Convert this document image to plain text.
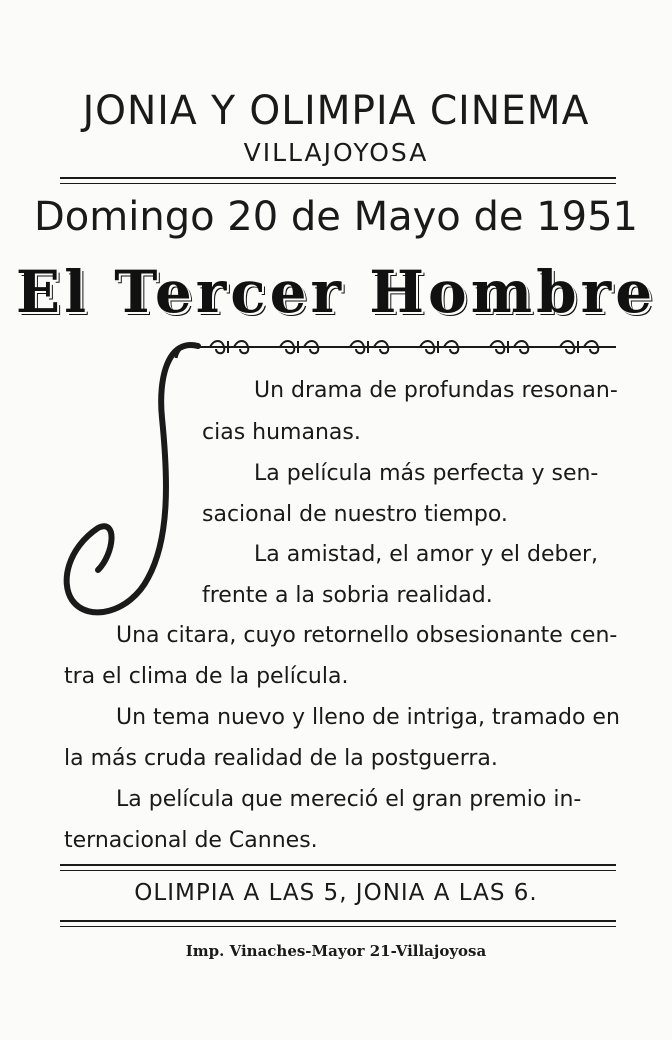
JONIA Y OLIMPIA CINEMA
VILLAJOYOSA
Domingo 20 de Mayo de 1951
El Tercer Hombre
Un drama de profundas resonan-
cias humanas.
La película más perfecta y sen-
sacional de nuestro tiempo.
La amistad, el amor y el deber,
frente a la sobria realidad.
Una citara, cuyo retornello obsesionante cen-
tra el clima de la película.
Un tema nuevo y lleno de intriga, tramado en
la más cruda realidad de la postguerra.
La película que mereció el gran premio in-
ternacional de Cannes.
OLIMPIA A LAS 5, JONIA A LAS 6.
Imp. Vinaches-Mayor 21-Villajoyosa
